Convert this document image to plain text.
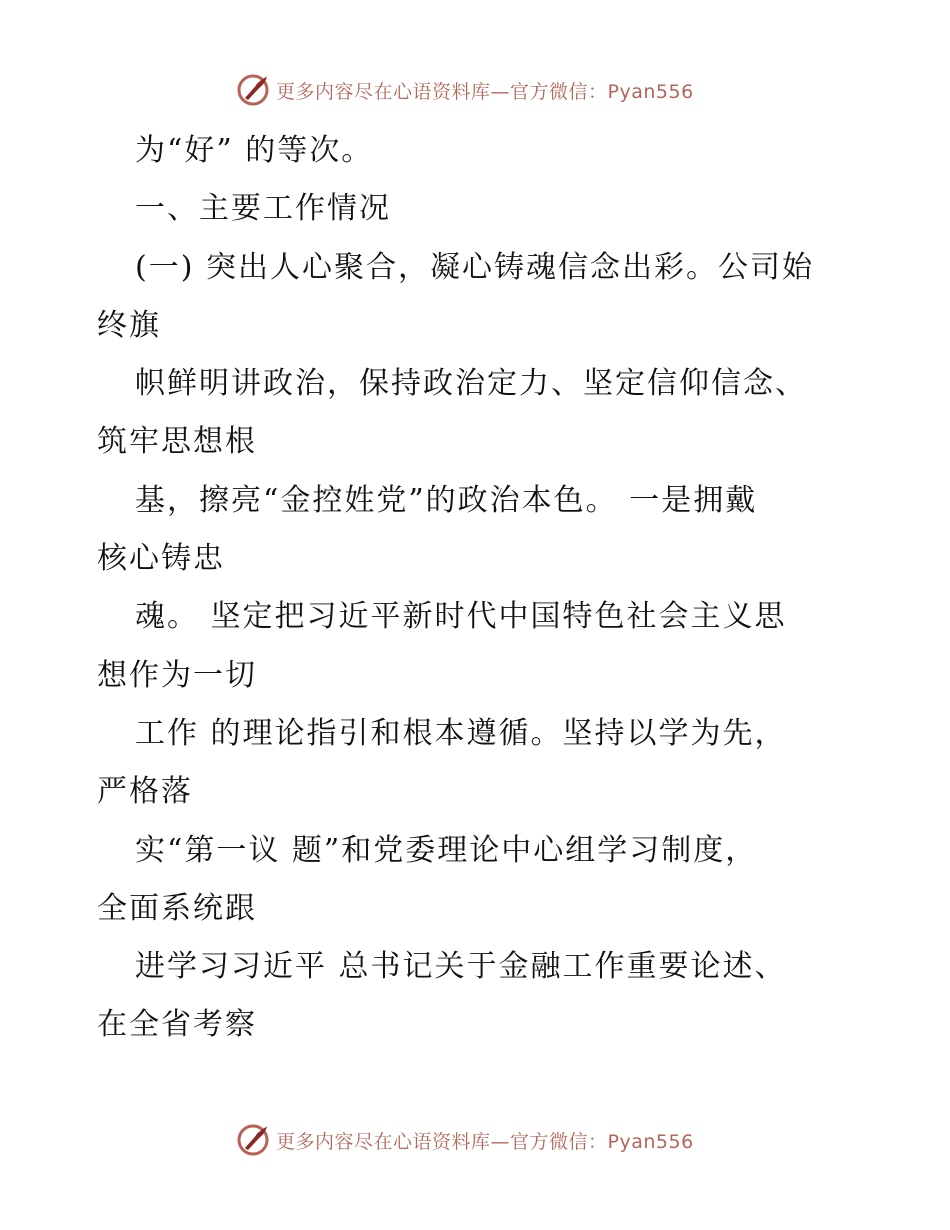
更多内容尽在心语资料库—官方微信：Pyan556
为“好” 的等次。
一、主要工作情况
(一) 突出人心聚合，凝心铸魂信念出彩。公司始
终旗
帜鲜明讲政治，保持政治定力、坚定信仰信念、
筑牢思想根
基，擦亮“金控姓党”的政治本色。 一是拥戴
核心铸忠
魂。 坚定把习近平新时代中国特色社会主义思
想作为一切
工作 的理论指引和根本遵循。坚持以学为先，
严格落
实“第一议 题”和党委理论中心组学习制度，
全面系统跟
进学习习近平 总书记关于金融工作重要论述、
在全省考察
更多内容尽在心语资料库—官方微信：Pyan556
